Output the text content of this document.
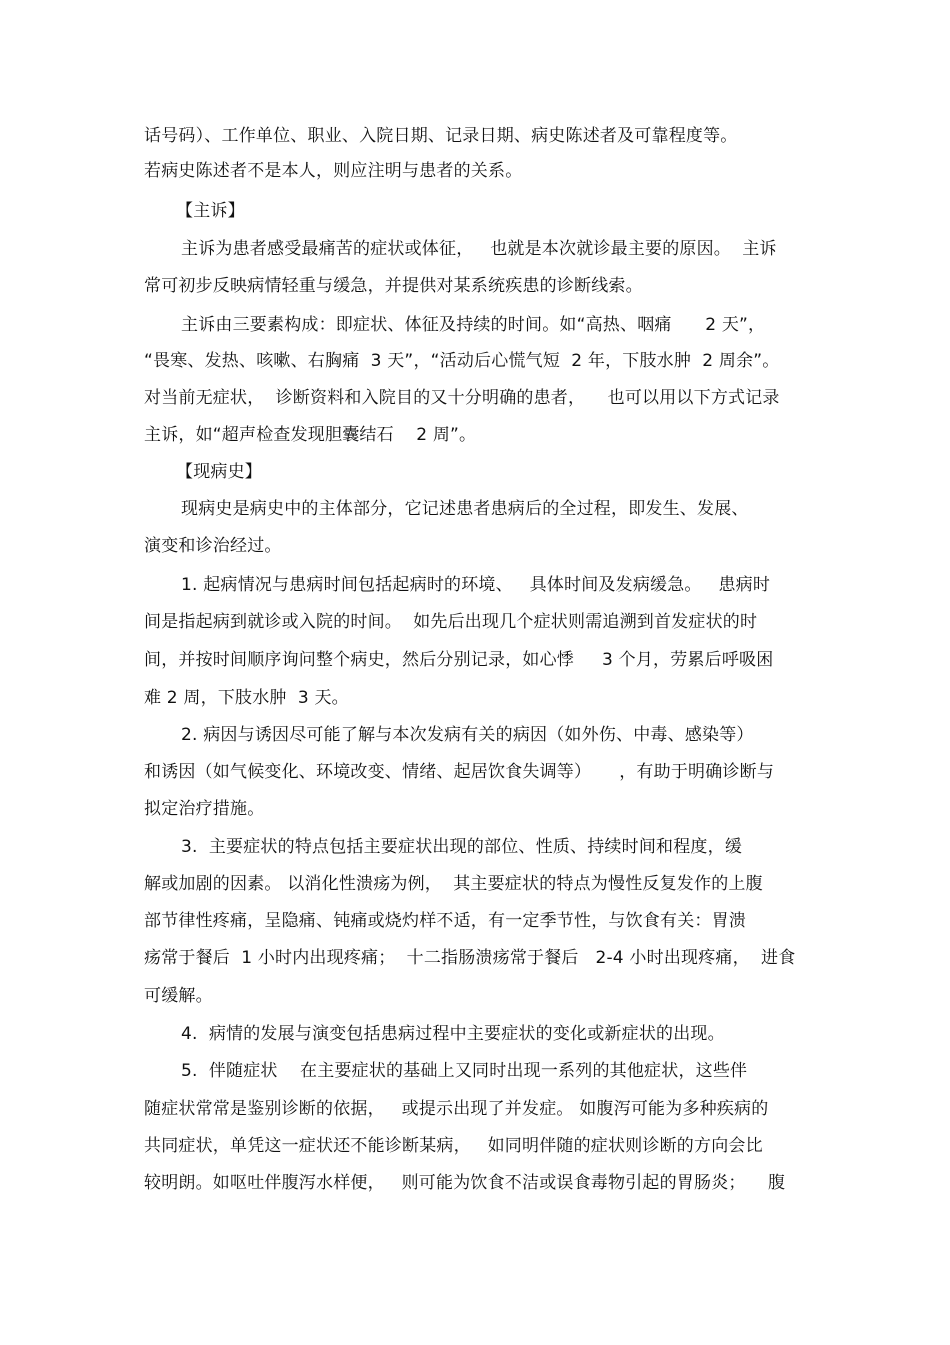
话号码）、工作单位、职业、入院日期、记录日期、病史陈述者及可靠程度等。
若病史陈述者不是本人，则应注明与患者的关系。
【主诉】
主诉为患者感受最痛苦的症状或体征，   也就是本次就诊最主要的原因。  主诉
常可初步反映病情轻重与缓急，并提供对某系统疾患的诊断线索。
主诉由三要素构成：即症状、体征及持续的时间。如“高热、咽痛      2 天”，
“畏寒、发热、咳嗽、右胸痛  3 天”，“活动后心慌气短  2 年，下肢水肿  2 周余”。
对当前无症状，  诊断资料和入院目的又十分明确的患者，    也可以用以下方式记录
主诉，如“超声检查发现胆囊结石    2 周”。
【现病史】
现病史是病史中的主体部分，它记述患者患病后的全过程，即发生、发展、
演变和诊治经过。
1. 起病情况与患病时间包括起病时的环境、   具体时间及发病缓急。   患病时
间是指起病到就诊或入院的时间。  如先后出现几个症状则需追溯到首发症状的时
间，并按时间顺序询问整个病史，然后分别记录，如心悸     3 个月，劳累后呼吸困
难 2 周，下肢水肿  3 天。
2. 病因与诱因尽可能了解与本次发病有关的病因（如外伤、中毒、感染等）
和诱因（如气候变化、环境改变、情绪、起居饮食失调等）     ，有助于明确诊断与
拟定治疗措施。
3.  主要症状的特点包括主要症状出现的部位、性质、持续时间和程度，缓
解或加剧的因素。 以消化性溃疡为例，  其主要症状的特点为慢性反复发作的上腹
部节律性疼痛，呈隐痛、钝痛或烧灼样不适，有一定季节性，与饮食有关：胃溃
疡常于餐后  1 小时内出现疼痛；  十二指肠溃疡常于餐后   2-4 小时出现疼痛，  进食
可缓解。
4.  病情的发展与演变包括患病过程中主要症状的变化或新症状的出现。
5.  伴随症状    在主要症状的基础上又同时出现一系列的其他症状，这些伴
随症状常常是鉴别诊断的依据，   或提示出现了并发症。 如腹泻可能为多种疾病的
共同症状，单凭这一症状还不能诊断某病，   如同明伴随的症状则诊断的方向会比
较明朗。如呕吐伴腹泻水样便，   则可能为饮食不洁或误食毒物引起的胃肠炎；    腹
